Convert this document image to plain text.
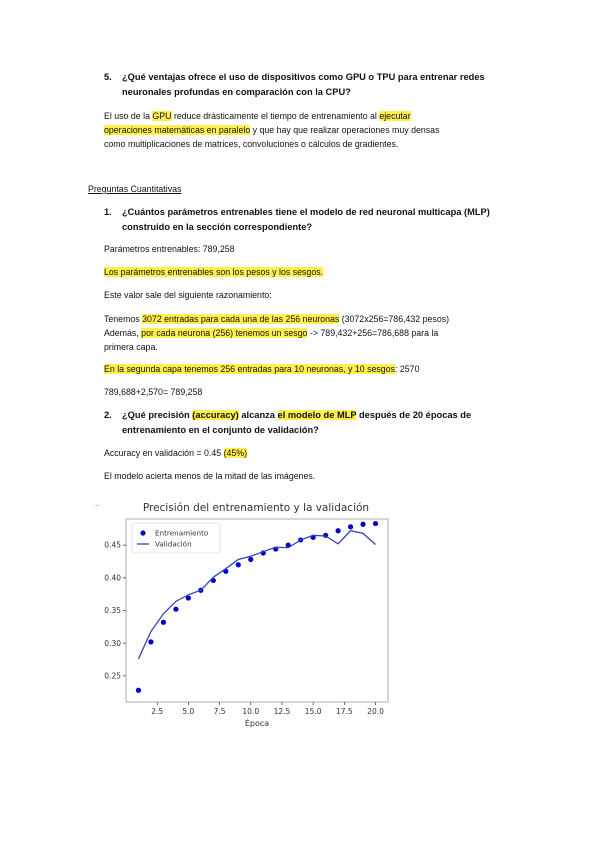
5. ¿Qué ventajas ofrece el uso de dispositivos como GPU o TPU para entrenar redes
neuronales profundas en comparación con la CPU?
El uso de la GPU reduce drásticamente el tiempo de entrenamiento al ejecutar
operaciones matemáticas en paralelo y que hay que realizar operaciones muy densas
como multiplicaciones de matrices, convoluciones o cálculos de gradientes.
Preguntas Cuantitativas
1. ¿Cuántos parámetros entrenables tiene el modelo de red neuronal multicapa (MLP)
construido en la sección correspondiente?
Parámetros entrenables: 789,258
Los parámetros entrenables son los pesos y los sesgos.
Este valor sale del siguiente razonamiento:
Tenemos 3072 entradas para cada una de las 256 neuronas (3072x256=786,432 pesos)
Además, por cada neurona (256) tenemos un sesgo -> 789,432+256=786,688 para la
primera capa.
En la segunda capa tenemos 256 entradas para 10 neuronas, y 10 sesgos: 2570
789,688+2,570= 789,258
2. ¿Qué precisión (accuracy) alcanza el modelo de MLP después de 20 épocas de
entrenamiento en el conjunto de validación?
Accuracy en validación = 0.45 (45%)
El modelo acierta menos de la mitad de las imágenes.
...	Precisión del entrenamiento y la validación
2.5	5.0	7.5 10.0 12.5 15.0 17.5 20.0
0.25
0.30
0.35
0.40
0.45
Entrenamiento
Validación
Época
